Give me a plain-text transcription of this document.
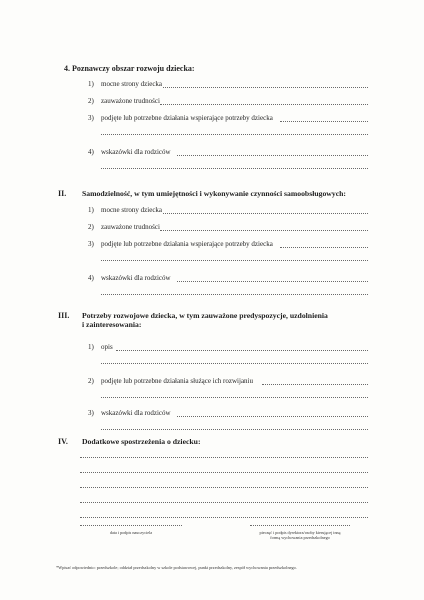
4. Poznawczy obszar rozwoju dziecka:
1) mocne strony dziecka
2) zauważone trudności
3) podjęte lub potrzebne działania wspierające potrzeby dziecka
4) wskazówki dla rodziców
II. Samodzielność, w tym umiejętności i wykonywanie czynności samoobsługowych:
1) mocne strony dziecka
2) zauważone trudności
3) podjęte lub potrzebne działania wspierające potrzeby dziecka
4) wskazówki dla rodziców
III. Potrzeby rozwojowe dziecka, w tym zauważone predyspozycje, uzdolnienia
i zainteresowania:
1) opis
2) podjęte lub potrzebne działania służące ich rozwijaniu
3) wskazówki dla rodziców
IV. Dodatkowe spostrzeżenia o dziecku:
data i podpis nauczyciela	pieczęć i podpis dyrektora/osoby kierującej inną
formą wychowania przedszkolnego
*Wpisać odpowiednio: przedszkole; oddział przedszkolny w szkole podstawowej, punkt przedszkolny, zespół wychowania przedszkolnego.
